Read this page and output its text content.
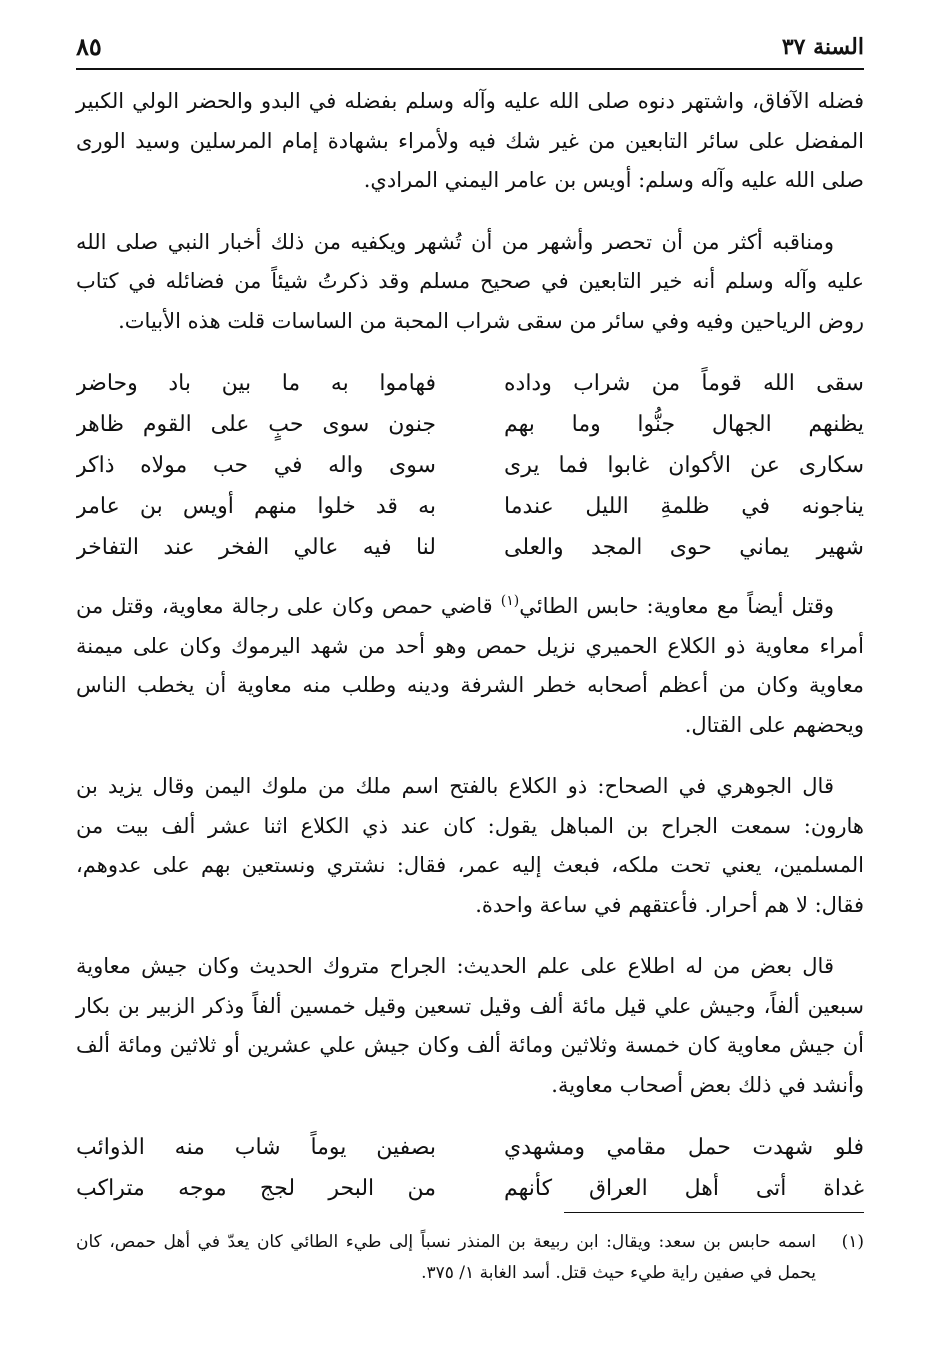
السنة ٣٧
٨٥

فضله الآفاق، واشتهر دنوه صلى الله عليه وآله وسلم بفضله في البدو والحضر الولي الكبير المفضل على سائر التابعين من غير شك فيه ولأمراء بشهادة إمام المرسلين وسيد الورى صلى الله عليه وآله وسلم: أويس بن عامر اليمني المرادي.

ومناقبه أكثر من أن تحصر وأشهر من أن تُشهر ويكفيه من ذلك أخبار النبي صلى الله عليه وآله وسلم أنه خير التابعين في صحيح مسلم وقد ذكرتُ شيئاً من فضائله في كتاب روض الرياحين وفيه وفي سائر من سقى شراب المحبة من الساسات قلت هذه الأبيات.

سقى الله قوماً من شراب وداده
فهاموا به ما بين باد وحاضر
يظنهم الجهال جنُّوا وما بهم
جنون سوى حبٍ على القوم ظاهر
سكارى عن الأكوان غابوا فما يرى
سوى واله في حب مولاه ذاكر
يناجونه في ظلمةِ الليل عندما
به قد خلوا منهم أويس بن عامر
شهير يماني حوى المجد والعلى
لنا فيه عالي الفخر عند التفاخر

وقتل أيضاً مع معاوية: حابس الطائي$^{(١)}$ قاضي حمص وكان على رجالة معاوية، وقتل من أمراء معاوية ذو الكلاع الحميري نزيل حمص وهو أحد من شهد اليرموك وكان على ميمنة معاوية وكان من أعظم أصحابه خطر الشرفة ودينه وطلب منه معاوية أن يخطب الناس ويحضهم على القتال.

قال الجوهري في الصحاح: ذو الكلاع بالفتح اسم ملك من ملوك اليمن وقال يزيد بن هارون: سمعت الجراح بن المباهل يقول: كان عند ذي الكلاع اثنا عشر ألف بيت من المسلمين، يعني تحت ملكه، فبعث إليه عمر، فقال: نشتري ونستعين بهم على عدوهم، فقال: لا هم أحرار. فأعتقهم في ساعة واحدة.

قال بعض من له اطلاع على علم الحديث: الجراح متروك الحديث وكان جيش معاوية سبعين ألفاً، وجيش علي قيل مائة ألف وقيل تسعين وقيل خمسين ألفاً وذكر الزبير بن بكار أن جيش معاوية كان خمسة وثلاثين ومائة ألف وكان جيش علي عشرين أو ثلاثين ومائة ألف وأنشد في ذلك بعض أصحاب معاوية.

فلو شهدت حمل مقامي ومشهدي
بصفين يوماً شاب منه الذوائب
غداة أتى أهل العراق كأنهم
من البحر لجج موجه متراكب
(١)
اسمه حابس بن سعد: ويقال: ابن ربيعة بن المنذر نسباً إلى طيء الطائي كان يعدّ في أهل حمص، كان يحمل في صفين راية طيء حيث قتل. أسد الغابة ١/ ٣٧٥.
